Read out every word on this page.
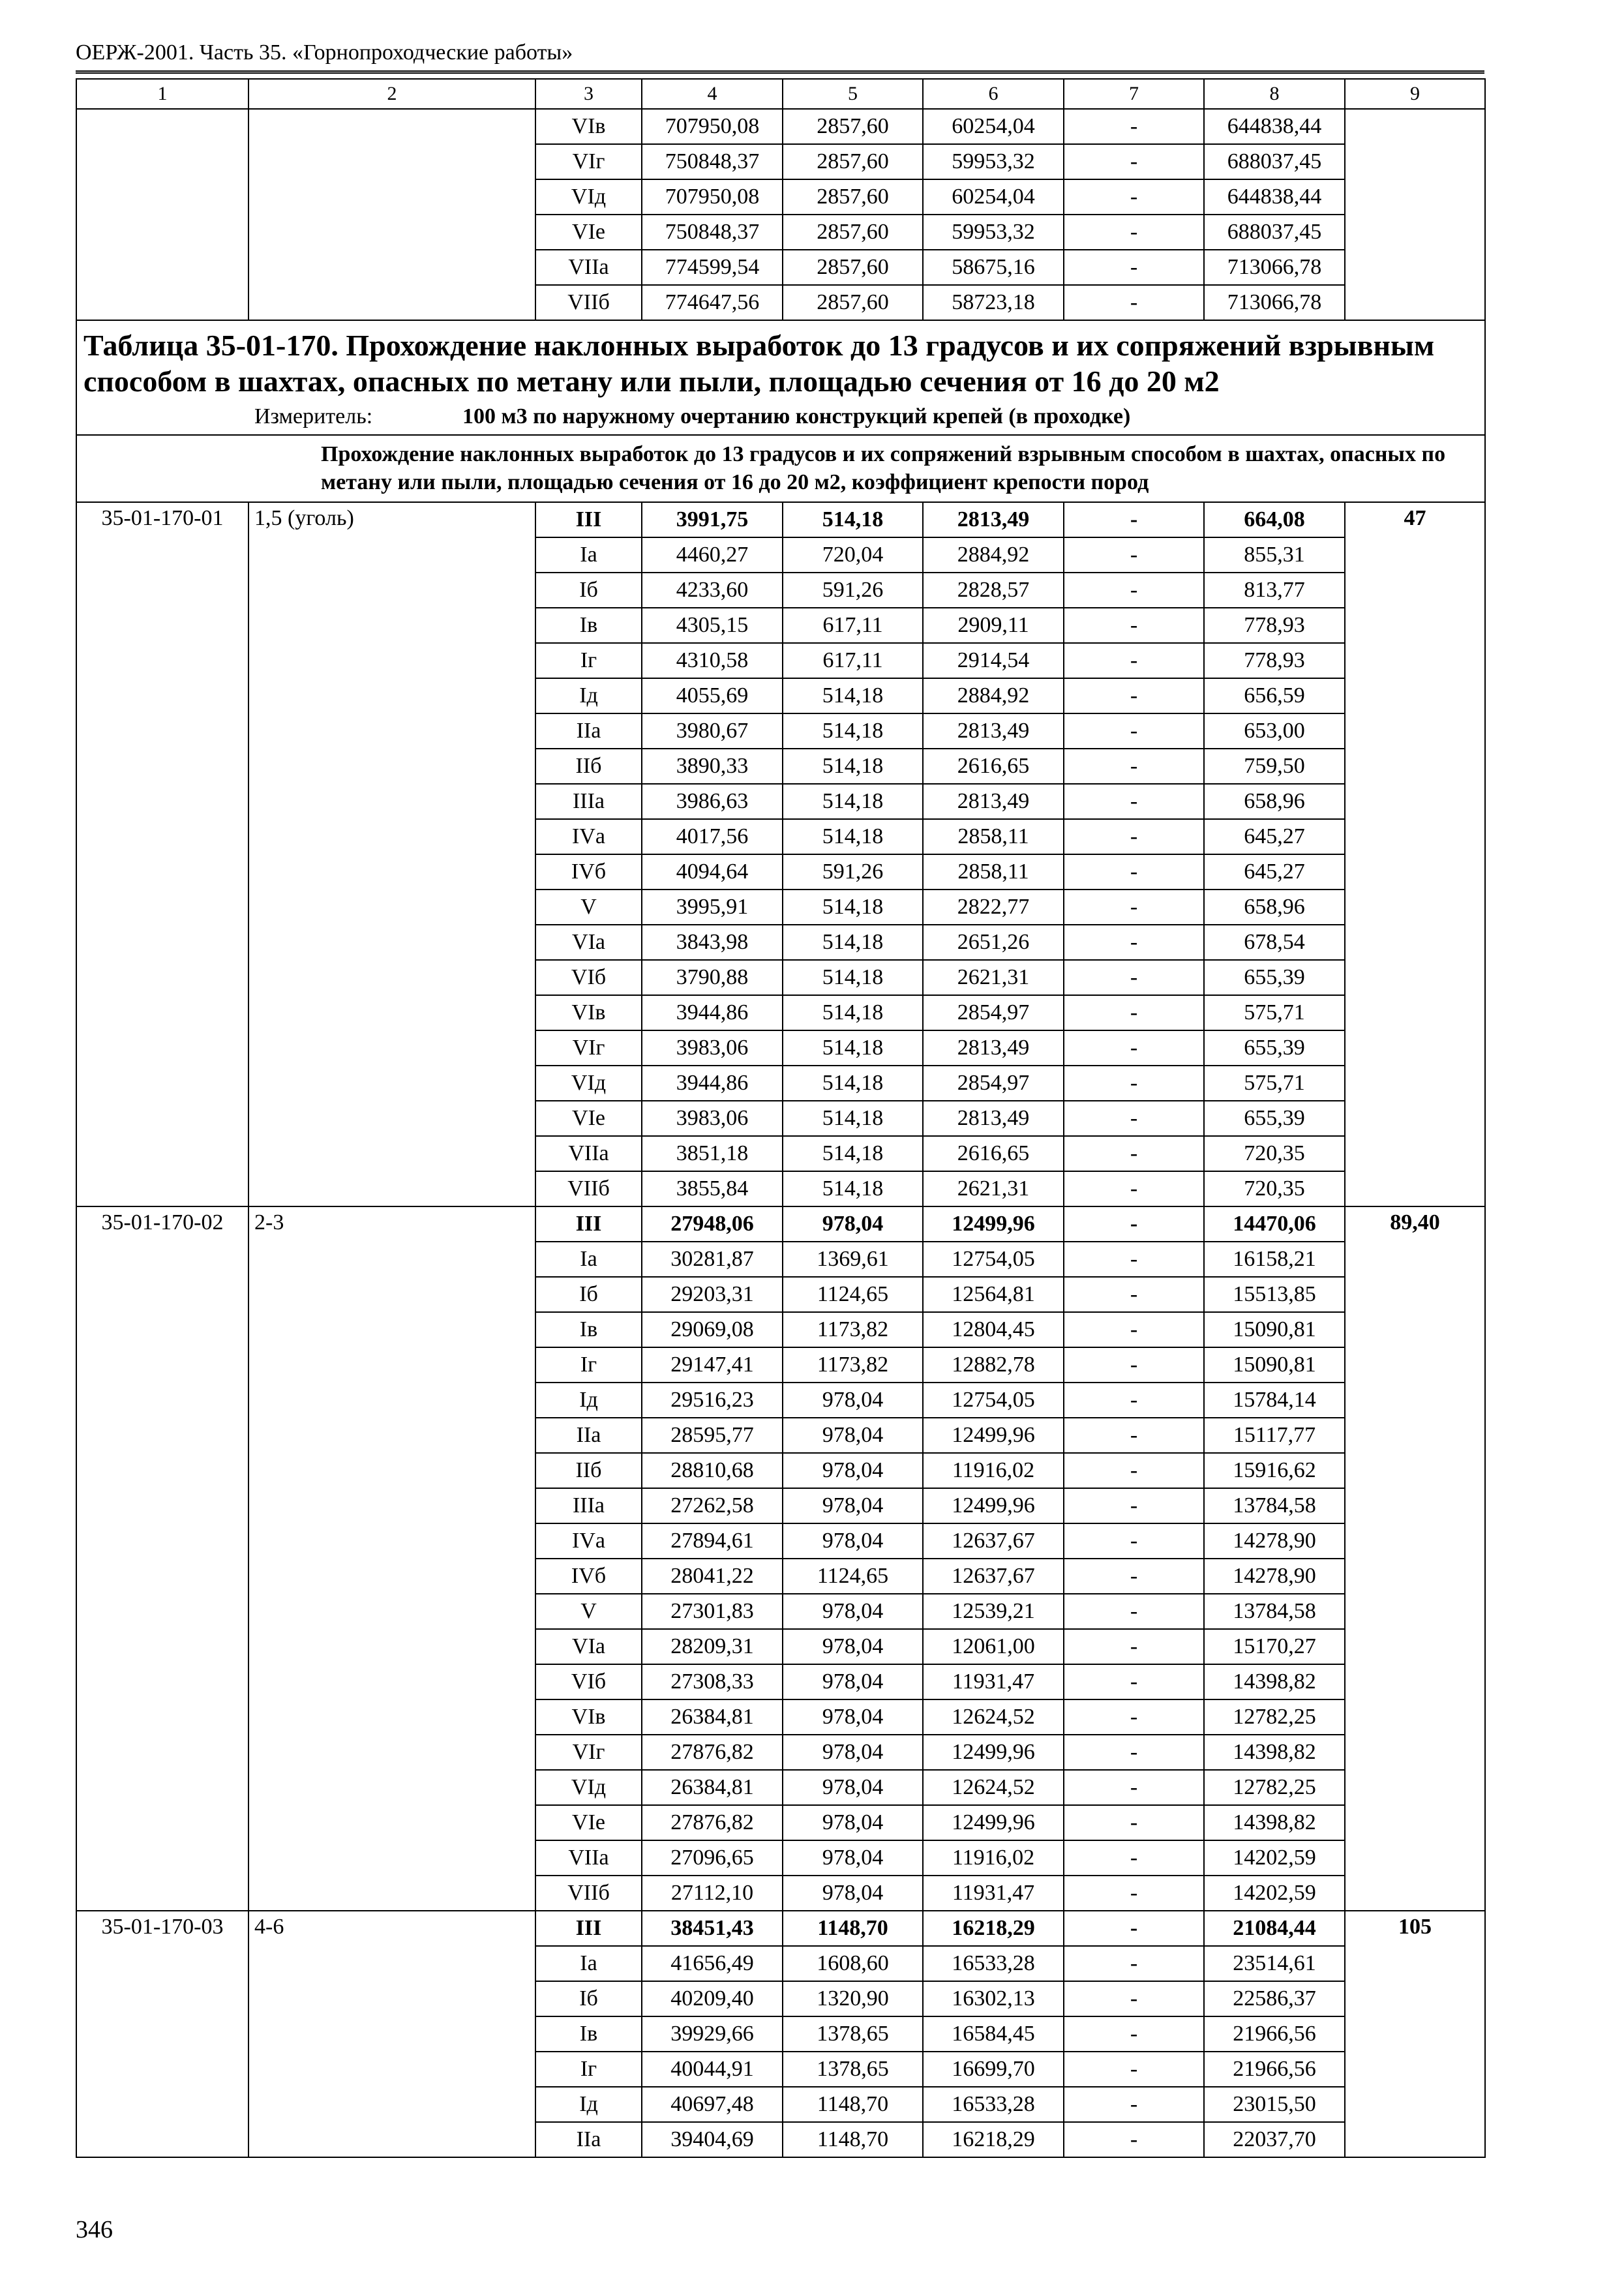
ОЕРЖ-2001. Часть 35. «Горнопроходческие работы»
1	2	3	4	5	6	7	8	9
		VIв	707950,08	2857,60	60254,04	-	644838,44	
		VIг	750848,37	2857,60	59953,32	-	688037,45	
		VIд	707950,08	2857,60	60254,04	-	644838,44	
		VIе	750848,37	2857,60	59953,32	-	688037,45	
		VIIа	774599,54	2857,60	58675,16	-	713066,78	
		VIIб	774647,56	2857,60	58723,18	-	713066,78	

Таблица 35-01-170. Прохождение наклонных выработок до 13 градусов и их сопряжений взрывным способом в шахтах, опасных по метану или пыли, площадью сечения от 16 до 20 м2
Измеритель: 100 м3 по наружному очертанию конструкций крепей (в проходке)								

Прохождение наклонных выработок до 13 градусов и их сопряжений взрывным способом в шахтах, опасных по метану или пыли, площадью сечения от 16 до 20 м2, коэффициент крепости пород								
35-01-170-01	1,5 (уголь)	III	3991,75	514,18	2813,49	-	664,08	47
		Iа	4460,27	720,04	2884,92	-	855,31	
		Iб	4233,60	591,26	2828,57	-	813,77	
		Iв	4305,15	617,11	2909,11	-	778,93	
		Iг	4310,58	617,11	2914,54	-	778,93	
		Iд	4055,69	514,18	2884,92	-	656,59	
		IIа	3980,67	514,18	2813,49	-	653,00	
		IIб	3890,33	514,18	2616,65	-	759,50	
		IIIа	3986,63	514,18	2813,49	-	658,96	
		IVа	4017,56	514,18	2858,11	-	645,27	
		IVб	4094,64	591,26	2858,11	-	645,27	
		V	3995,91	514,18	2822,77	-	658,96	
		VIа	3843,98	514,18	2651,26	-	678,54	
		VIб	3790,88	514,18	2621,31	-	655,39	
		VIв	3944,86	514,18	2854,97	-	575,71	
		VIг	3983,06	514,18	2813,49	-	655,39	
		VIд	3944,86	514,18	2854,97	-	575,71	
		VIе	3983,06	514,18	2813,49	-	655,39	
		VIIа	3851,18	514,18	2616,65	-	720,35	
		VIIб	3855,84	514,18	2621,31	-	720,35	
35-01-170-02	2-3	III	27948,06	978,04	12499,96	-	14470,06	89,40
		Iа	30281,87	1369,61	12754,05	-	16158,21	
		Iб	29203,31	1124,65	12564,81	-	15513,85	
		Iв	29069,08	1173,82	12804,45	-	15090,81	
		Iг	29147,41	1173,82	12882,78	-	15090,81	
		Iд	29516,23	978,04	12754,05	-	15784,14	
		IIа	28595,77	978,04	12499,96	-	15117,77	
		IIб	28810,68	978,04	11916,02	-	15916,62	
		IIIа	27262,58	978,04	12499,96	-	13784,58	
		IVа	27894,61	978,04	12637,67	-	14278,90	
		IVб	28041,22	1124,65	12637,67	-	14278,90	
		V	27301,83	978,04	12539,21	-	13784,58	
		VIа	28209,31	978,04	12061,00	-	15170,27	
		VIб	27308,33	978,04	11931,47	-	14398,82	
		VIв	26384,81	978,04	12624,52	-	12782,25	
		VIг	27876,82	978,04	12499,96	-	14398,82	
		VIд	26384,81	978,04	12624,52	-	12782,25	
		VIе	27876,82	978,04	12499,96	-	14398,82	
		VIIа	27096,65	978,04	11916,02	-	14202,59	
		VIIб	27112,10	978,04	11931,47	-	14202,59	
35-01-170-03	4-6	III	38451,43	1148,70	16218,29	-	21084,44	105
		Iа	41656,49	1608,60	16533,28	-	23514,61	
		Iб	40209,40	1320,90	16302,13	-	22586,37	
		Iв	39929,66	1378,65	16584,45	-	21966,56	
		Iг	40044,91	1378,65	16699,70	-	21966,56	
		Iд	40697,48	1148,70	16533,28	-	23015,50	
		IIа	39404,69	1148,70	16218,29	-	22037,70	
346
